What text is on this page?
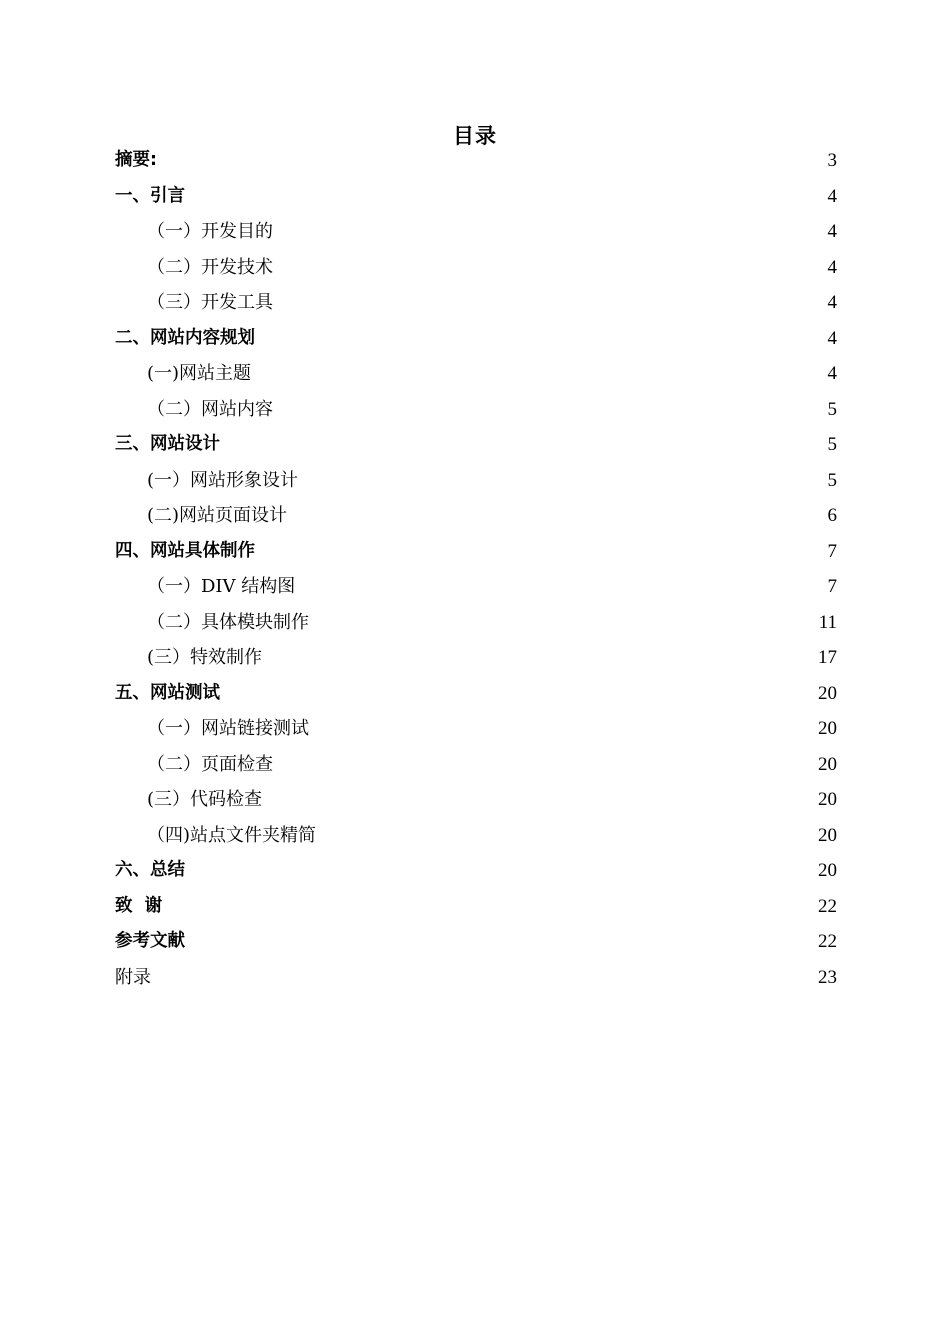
目录
摘要:	3
一、引言	4
（一）开发目的	4
（二）开发技术	4
（三）开发工具	4
二、网站内容规划	4
(一)网站主题	4
（二）网站内容	5
三、网站设计	5
(一）网站形象设计	5
(二)网站页面设计	6
四、网站具体制作	7
（一）DIV 结构图	7
（二）具体模块制作	11
(三）特效制作	17
五、网站测试	20
（一）网站链接测试	20
（二）页面检查	20
(三）代码检查	20
（四)站点文件夹精简	20
六、总结	20
致  谢	22
参考文献	22
附录	23
